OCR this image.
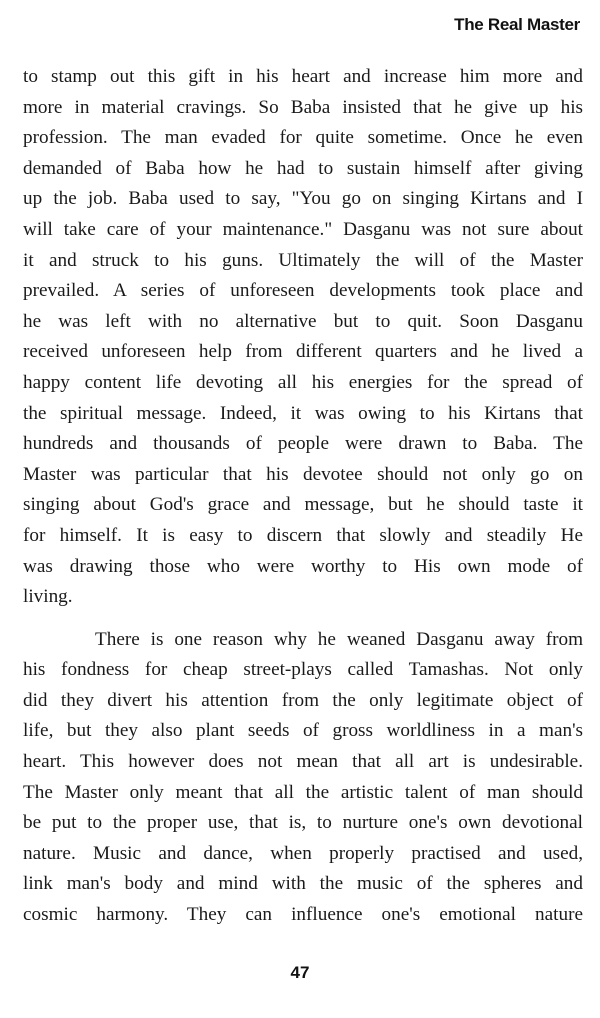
The Real Master
to stamp out this gift in his heart and increase him more and
more in material cravings. So Baba insisted that he give up his
profession. The man evaded for quite sometime. Once he even
demanded of Baba how he had to sustain himself after giving
up the job. Baba used to say, "You go on singing Kirtans and I
will take care of your maintenance." Dasganu was not sure about
it and struck to his guns. Ultimately the will of the Master
prevailed. A series of unforeseen developments took place and
he was left with no alternative but to quit. Soon Dasganu
received unforeseen help from different quarters and he lived a
happy content life devoting all his energies for the spread of
the spiritual message. Indeed, it was owing to his Kirtans that
hundreds and thousands of people were drawn to Baba. The
Master was particular that his devotee should not only go on
singing about God's grace and message, but he should taste it
for himself. It is easy to discern that slowly and steadily He
was drawing those who were worthy to His own mode of
living.
There is one reason why he weaned Dasganu away from
his fondness for cheap street-plays called Tamashas. Not only
did they divert his attention from the only legitimate object of
life, but they also plant seeds of gross worldliness in a man's
heart. This however does not mean that all art is undesirable.
The Master only meant that all the artistic talent of man should
be put to the proper use, that is, to nurture one's own devotional
nature. Music and dance, when properly practised and used,
link man's body and mind with the music of the spheres and
cosmic harmony. They can influence one's emotional nature
47
